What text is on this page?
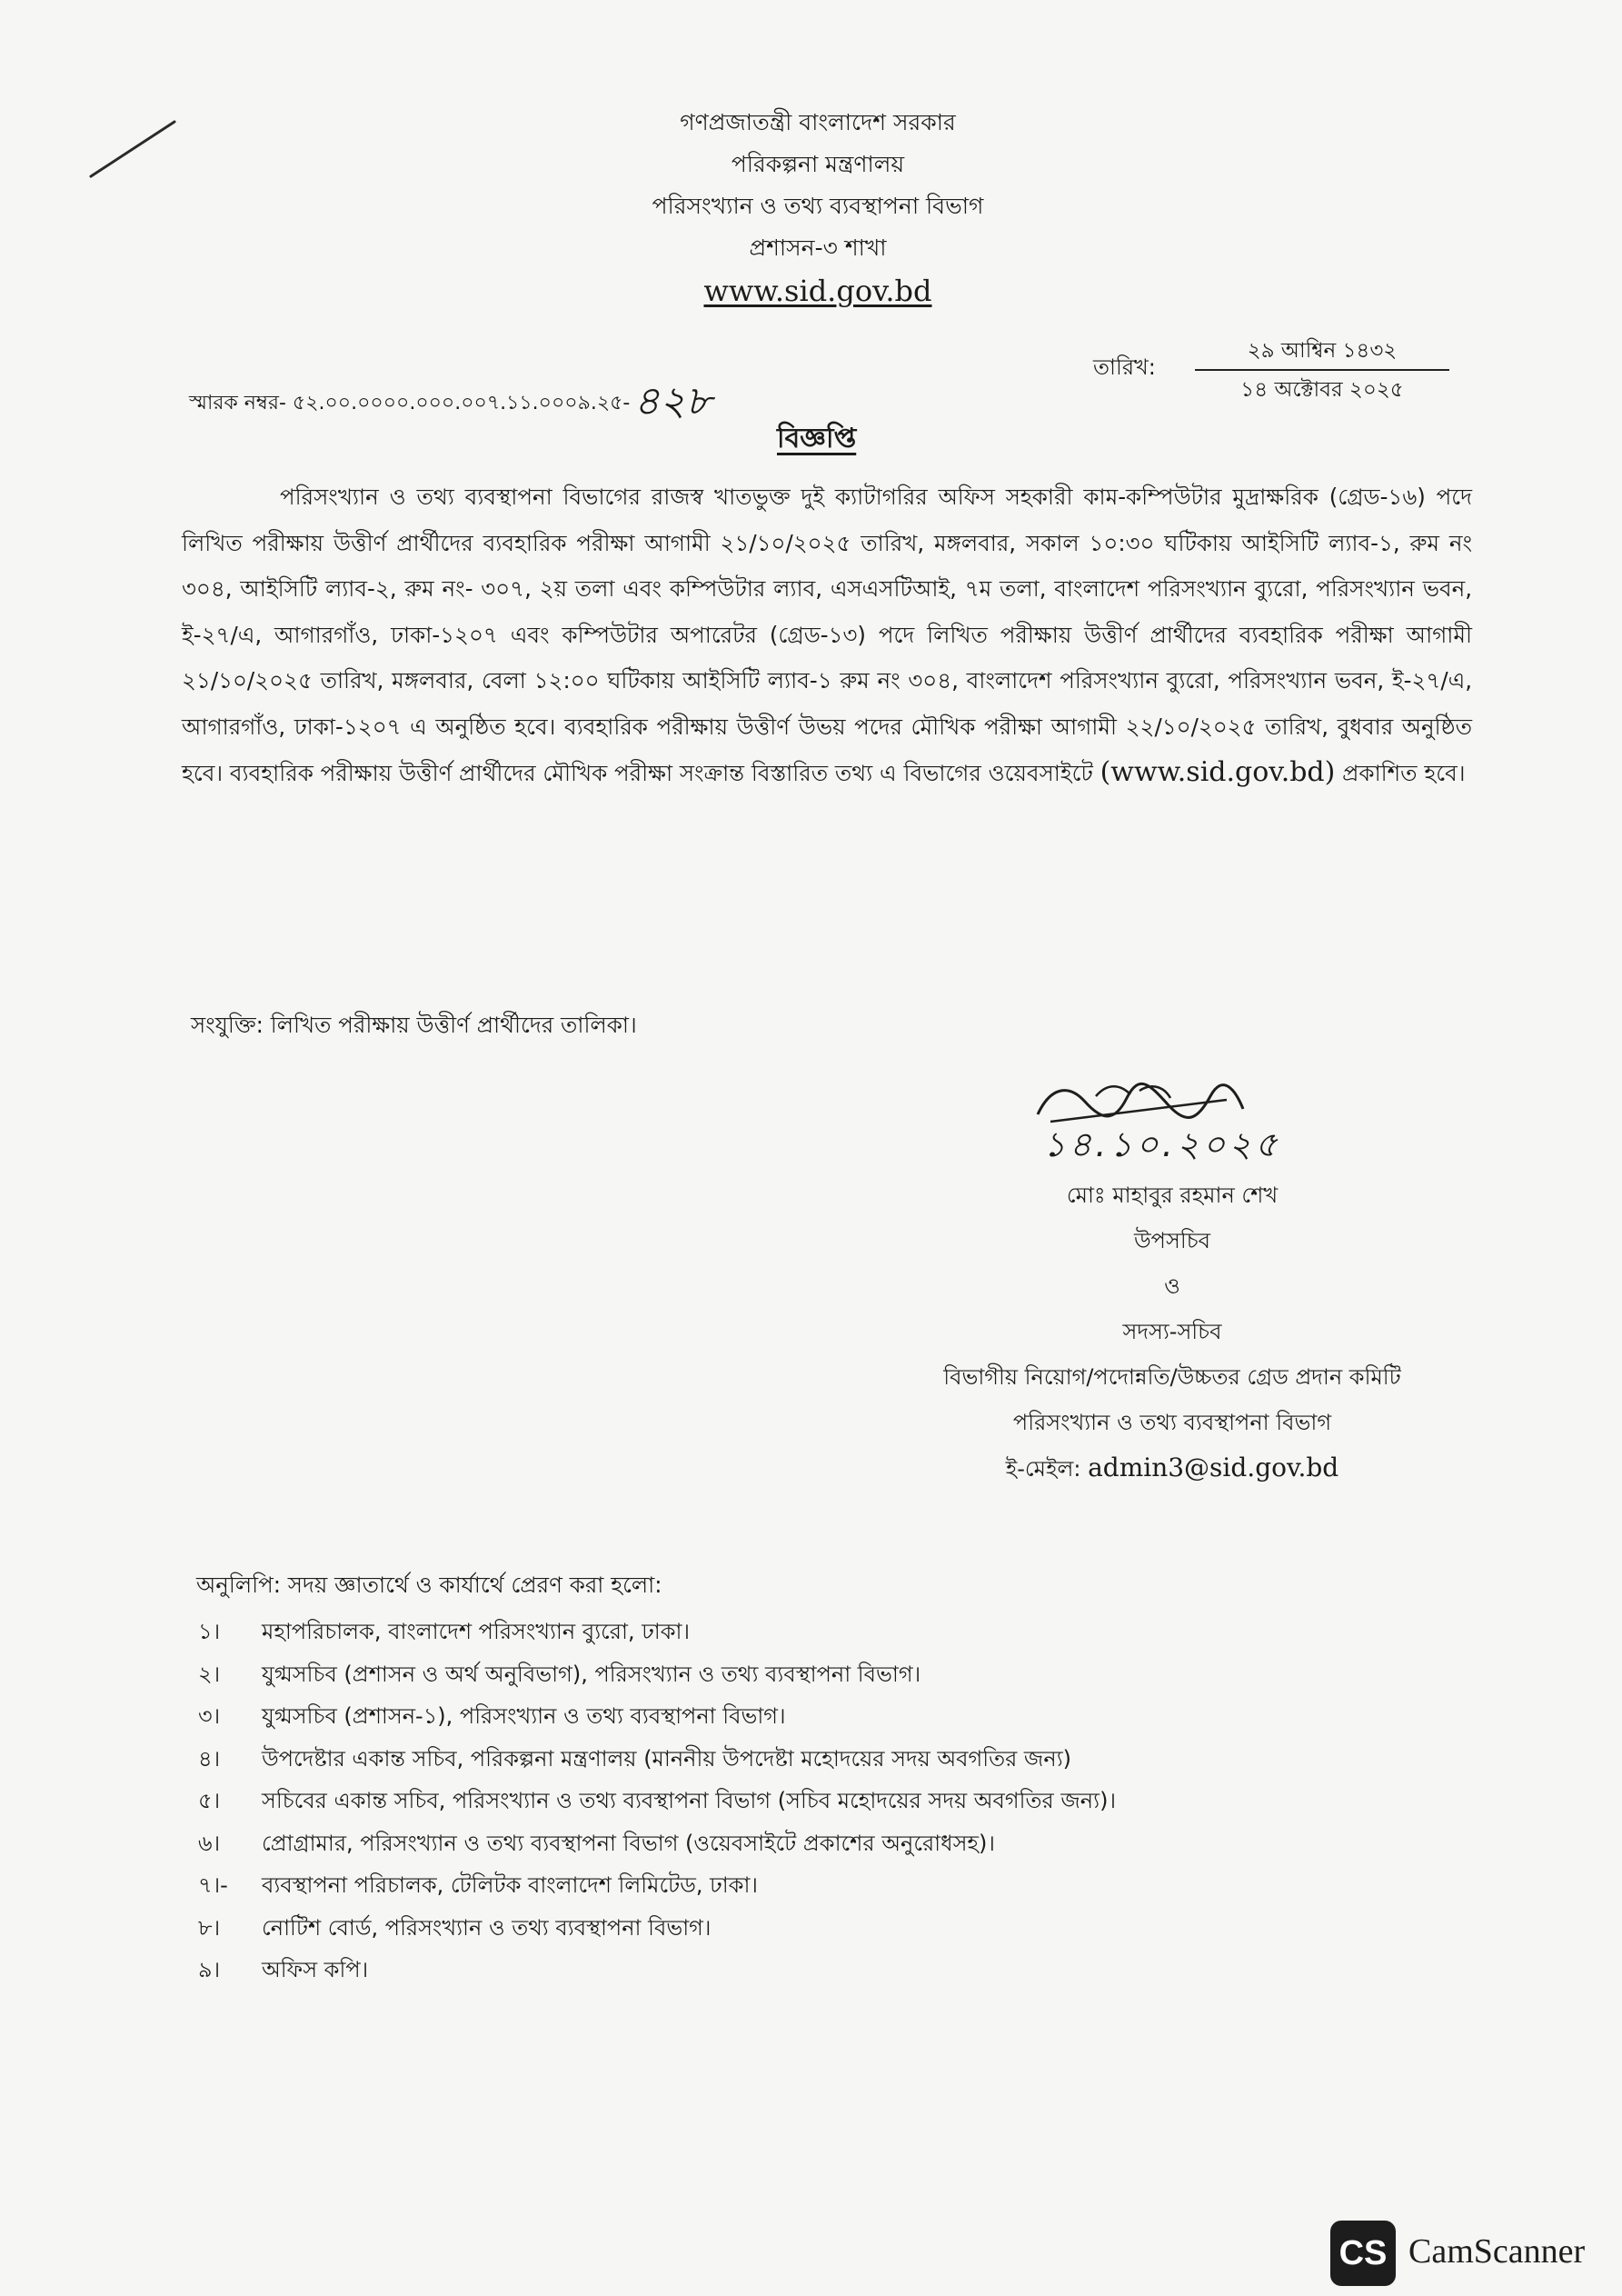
গণপ্রজাতন্ত্রী বাংলাদেশ সরকার
পরিকল্পনা মন্ত্রণালয়
পরিসংখ্যান ও তথ্য ব্যবস্থাপনা বিভাগ
প্রশাসন-৩ শাখা
www.sid.gov.bd
স্মারক নম্বর- ৫২.০০.০০০০.০০০.০০৭.১১.০০০৯.২৫-৪২৮
তারিখ:
২৯ আশ্বিন ১৪৩২
১৪ অক্টোবর ২০২৫
বিজ্ঞপ্তি
পরিসংখ্যান ও তথ্য ব্যবস্থাপনা বিভাগের রাজস্ব খাতভুক্ত দুই ক্যাটাগরির অফিস সহকারী কাম-কম্পিউটার মুদ্রাক্ষরিক (গ্রেড-১৬) পদে লিখিত পরীক্ষায় উত্তীর্ণ প্রার্থীদের ব্যবহারিক পরীক্ষা আগামী ২১/১০/২০২৫ তারিখ, মঙ্গলবার, সকাল ১০:৩০ ঘটিকায় আইসিটি ল্যাব-১, রুম নং ৩০৪, আইসিটি ল্যাব-২, রুম নং- ৩০৭, ২য় তলা এবং কম্পিউটার ল্যাব, এসএসটিআই, ৭ম তলা, বাংলাদেশ পরিসংখ্যান ব্যুরো, পরিসংখ্যান ভবন, ই-২৭/এ, আগারগাঁও, ঢাকা-১২০৭ এবং কম্পিউটার অপারেটর (গ্রেড-১৩) পদে লিখিত পরীক্ষায় উত্তীর্ণ প্রার্থীদের ব্যবহারিক পরীক্ষা আগামী ২১/১০/২০২৫ তারিখ, মঙ্গলবার, বেলা ১২:০০ ঘটিকায় আইসিটি ল্যাব-১ রুম নং ৩০৪, বাংলাদেশ পরিসংখ্যান ব্যুরো, পরিসংখ্যান ভবন, ই-২৭/এ, আগারগাঁও, ঢাকা-১২০৭ এ অনুষ্ঠিত হবে। ব্যবহারিক পরীক্ষায় উত্তীর্ণ উভয় পদের মৌখিক পরীক্ষা আগামী ২২/১০/২০২৫ তারিখ, বুধবার অনুষ্ঠিত হবে। ব্যবহারিক পরীক্ষায় উত্তীর্ণ প্রার্থীদের মৌখিক পরীক্ষা সংক্রান্ত বিস্তারিত তথ্য এ বিভাগের ওয়েবসাইটে (www.sid.gov.bd) প্রকাশিত হবে।
সংযুক্তি: লিখিত পরীক্ষায় উত্তীর্ণ প্রার্থীদের তালিকা।
১৪.১০.২০২৫
মোঃ মাহাবুর রহমান শেখ
উপসচিব
ও
সদস্য-সচিব
বিভাগীয় নিয়োগ/পদোন্নতি/উচ্চতর গ্রেড প্রদান কমিটি
পরিসংখ্যান ও তথ্য ব্যবস্থাপনা বিভাগ
ই-মেইল: admin3@sid.gov.bd
অনুলিপি: সদয় জ্ঞাতার্থে ও কার্যার্থে প্রেরণ করা হলো:
১। মহাপরিচালক, বাংলাদেশ পরিসংখ্যান ব্যুরো, ঢাকা।
২। যুগ্মসচিব (প্রশাসন ও অর্থ অনুবিভাগ), পরিসংখ্যান ও তথ্য ব্যবস্থাপনা বিভাগ।
৩। যুগ্মসচিব (প্রশাসন-১), পরিসংখ্যান ও তথ্য ব্যবস্থাপনা বিভাগ।
৪। উপদেষ্টার একান্ত সচিব, পরিকল্পনা মন্ত্রণালয় (মাননীয় উপদেষ্টা মহোদয়ের সদয় অবগতির জন্য)
৫। সচিবের একান্ত সচিব, পরিসংখ্যান ও তথ্য ব্যবস্থাপনা বিভাগ (সচিব মহোদয়ের সদয় অবগতির জন্য)।
৬। প্রোগ্রামার, পরিসংখ্যান ও তথ্য ব্যবস্থাপনা বিভাগ (ওয়েবসাইটে প্রকাশের অনুরোধসহ)।
৭।- ব্যবস্থাপনা পরিচালক, টেলিটক বাংলাদেশ লিমিটেড, ঢাকা।
৮। নোটিশ বোর্ড, পরিসংখ্যান ও তথ্য ব্যবস্থাপনা বিভাগ।
৯। অফিস কপি।
CS CamScanner
